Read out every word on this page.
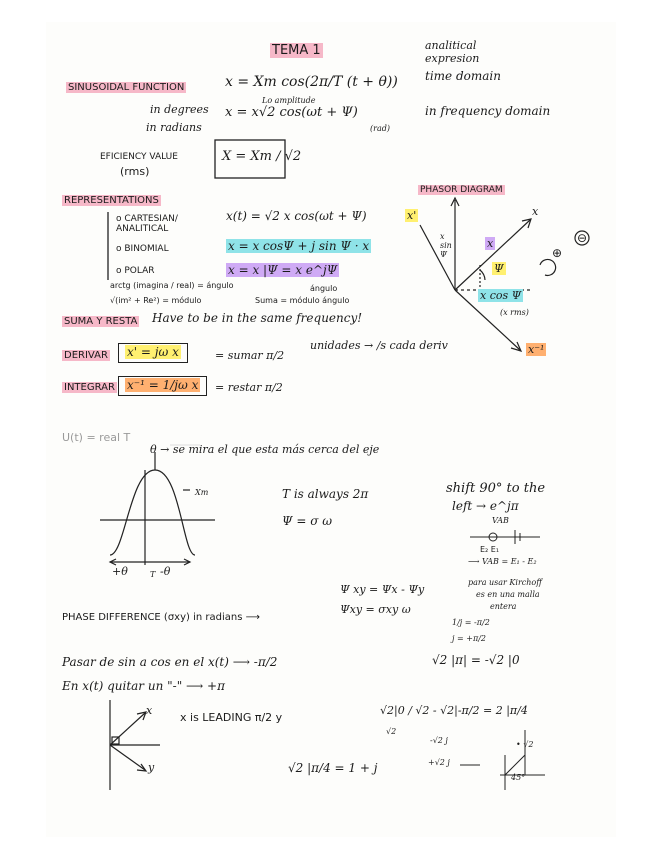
TEMA 1	analitical expresion
time domain
SINUSOIDAL FUNCTION	x = Xm cos(2π/T (t + θ))
Lo amplitude
in degrees x = x√2 cos(ωt + Ψ)
(rad)
in radians
in frequency domain
EFICIENCY VALUE
(rms)
X = Xm / √2
REPRESENTATIONS
o CARTESIAN/ ANALITICAL
x(t) = √2 x cos(ωt + Ψ)
o BINOMIAL	x = x cosΨ + j sin Ψ · x
o POLAR	x = x |Ψ = x e^jΨ
arctg (imagina / real) = ángulo
√(im² + Re²) = módulo
ángulo
Suma = módulo ángulo
SUMA Y RESTA Have to be in the same frequency!
DERIVAR	x' = jω x	= sumar π/2
unidades → /s cada deriv
INTEGRAR	x⁻¹ = 1/jω x	= restar π/2
PHASOR DIAGRAM
x'	x
x⁻¹
x sin Ψ
x cos Ψ
Ψ
x
(x rms)
⊕
⊖
U(t) = real T
θ → se mira el que esta más cerca del eje
Xm
T
+θ	-θ
T is always 2π
Ψ = σ ω
shift 90° to the
left → e^jπ
VAB
E₂ E₁
⟶ VAB = E₁ - E₂
Ψ xy = Ψx - Ψy
PHASE DIFFERENCE (σxy) in radians ⟶
Ψxy = σxy ω
para usar Kirchoff
es en una malla
entera
1/j = -π/2
j = +π/2
√2 |π| = -√2 |0
Pasar de sin a cos en el x(t) ⟶ -π/2
En x(t) quitar un "-" ⟶ +π
x
y
x is LEADING π/2 y
√2|0 / √2 - √2|-π/2 = 2 |π/4
√2
-√2 j
+√2 j
• √2
45°
√2 |π/4 = 1 + j
